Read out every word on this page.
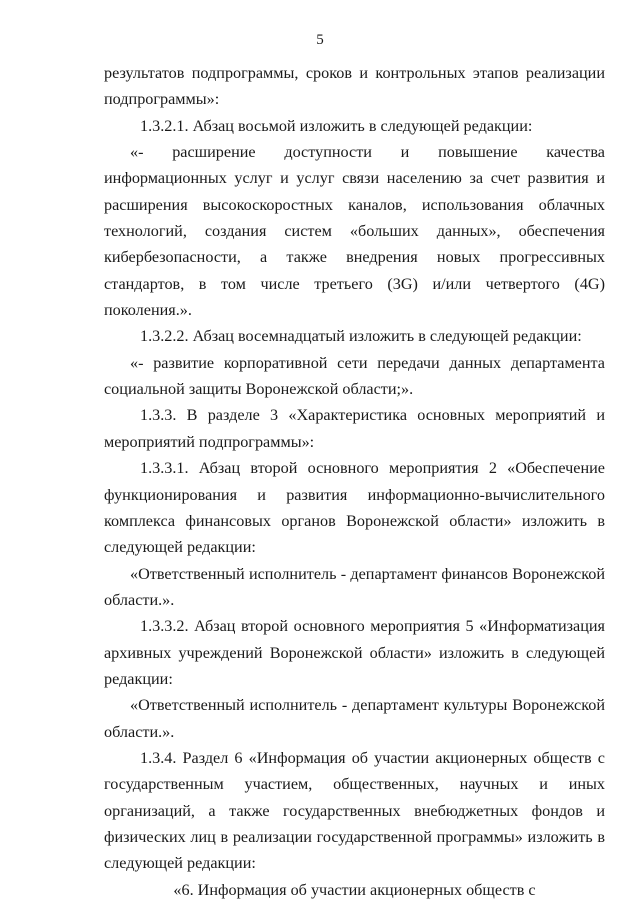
5

результатов подпрограммы, сроков и контрольных этапов реализации подпрограммы»:

1.3.2.1. Абзац восьмой изложить в следующей редакции:

«- расширение доступности и повышение качества информационных услуг и услуг связи населению за счет развития и расширения высокоскоростных каналов, использования облачных технологий, создания систем «больших данных», обеспечения кибербезопасности, а также внедрения новых прогрессивных стандартов, в том числе третьего (3G) и/или четвертого (4G) поколения.».

1.3.2.2. Абзац восемнадцатый изложить в следующей редакции:

«- развитие корпоративной сети передачи данных департамента социальной защиты Воронежской области;».

1.3.3. В разделе 3 «Характеристика основных мероприятий и мероприятий подпрограммы»:

1.3.3.1. Абзац второй основного мероприятия 2 «Обеспечение функционирования и развития информационно-вычислительного комплекса финансовых органов Воронежской области» изложить в следующей редакции:

«Ответственный исполнитель - департамент финансов Воронежской области.».

1.3.3.2. Абзац второй основного мероприятия 5 «Информатизация архивных учреждений Воронежской области» изложить в следующей редакции:

«Ответственный исполнитель - департамент культуры Воронежской области.».

1.3.4. Раздел 6 «Информация об участии акционерных обществ с государственным участием, общественных, научных и иных организаций, а также государственных внебюджетных фондов и физических лиц в реализации государственной программы» изложить в следующей редакции:

«6. Информация об участии акционерных обществ с
